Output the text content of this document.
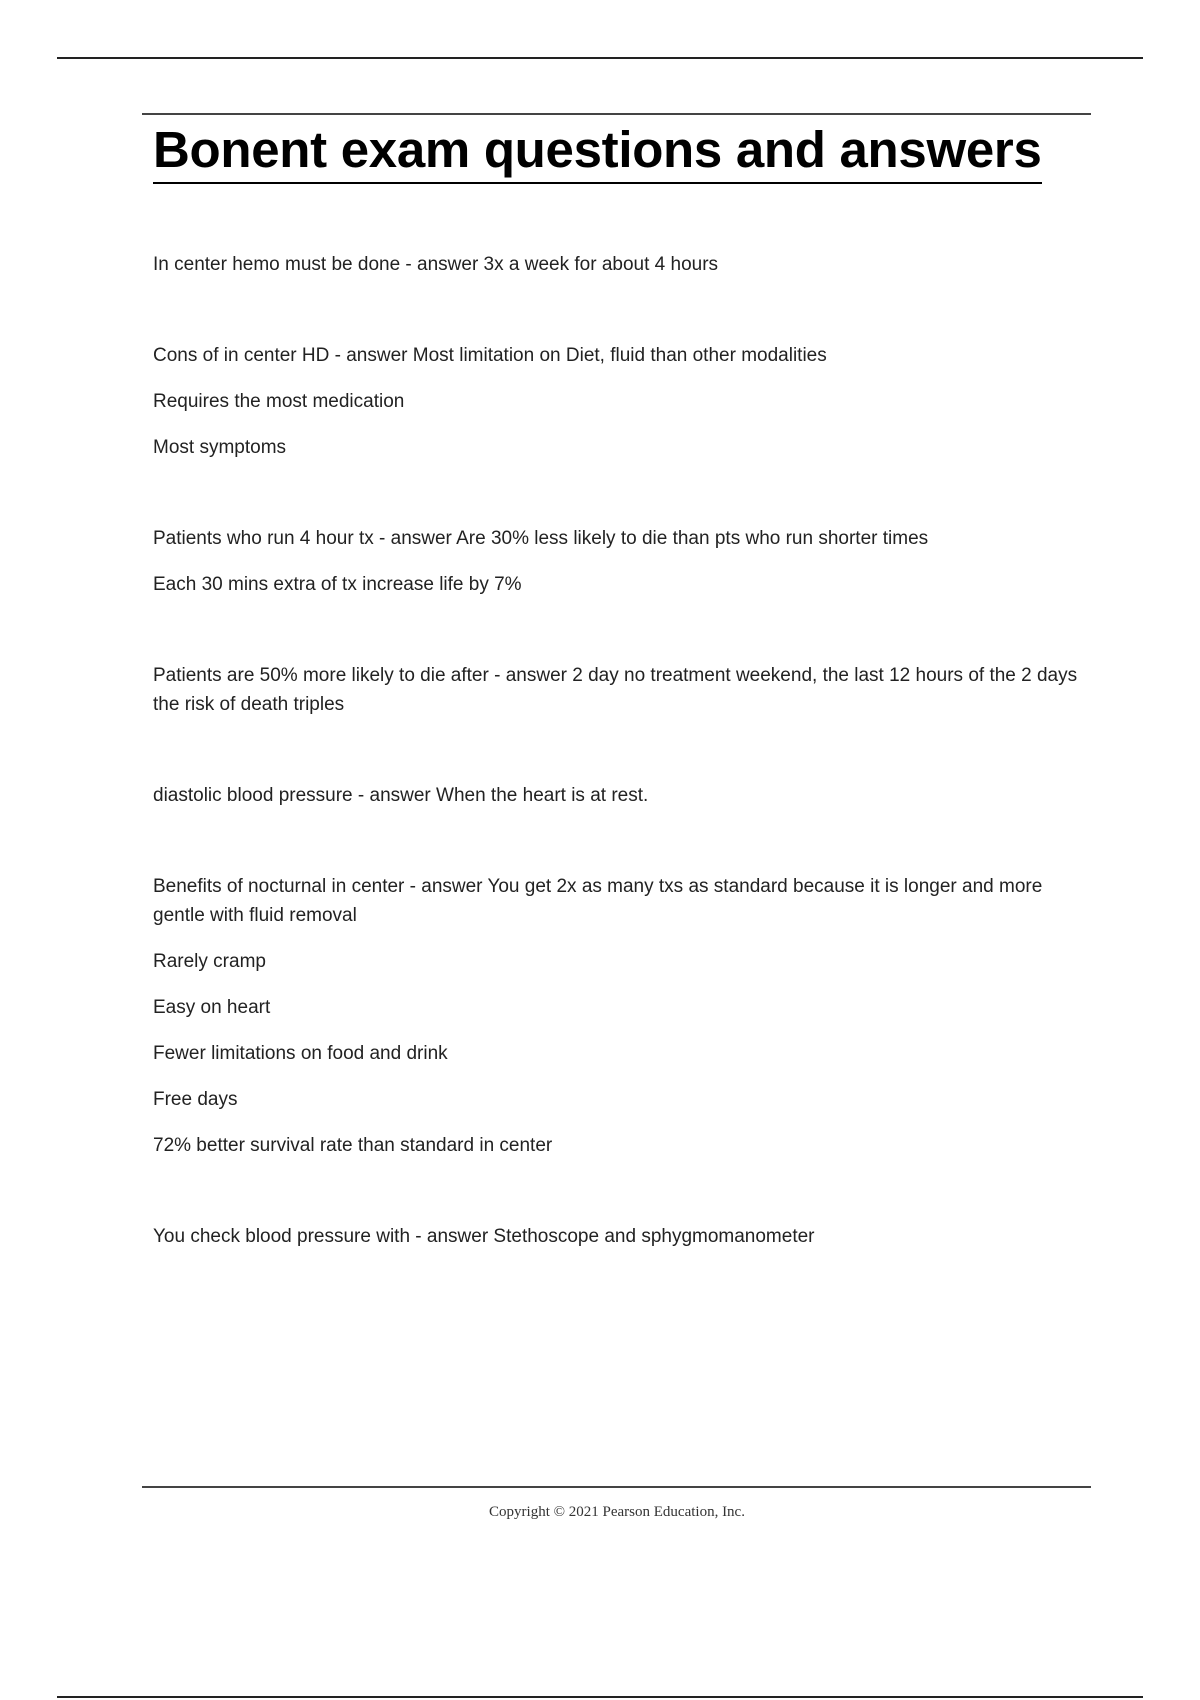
Bonent exam questions and answers

In center hemo must be done - answer 3x a week for about 4 hours

Cons of in center HD - answer Most limitation on Diet, fluid than other modalities

Requires the most medication

Most symptoms

Patients who run 4 hour tx - answer Are 30% less likely to die than pts who run shorter times

Each 30 mins extra of tx increase life by 7%

Patients are 50% more likely to die after - answer 2 day no treatment weekend, the last 12 hours of the 2 days the risk of death triples

diastolic blood pressure - answer When the heart is at rest.

Benefits of nocturnal in center - answer You get 2x as many txs as standard because it is longer and more gentle with fluid removal

Rarely cramp

Easy on heart

Fewer limitations on food and drink

Free days

72% better survival rate than standard in center

You check blood pressure with - answer Stethoscope and sphygmomanometer

Copyright © 2021 Pearson Education, Inc.
